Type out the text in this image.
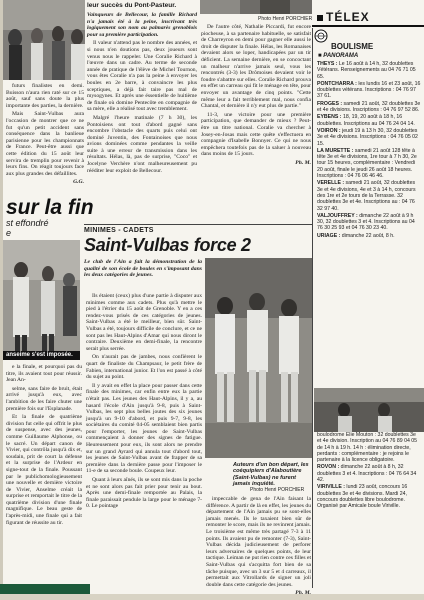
futurs finalistes en demi. Buisson n'aura rien raté sur ce 15 août, sauf sans doute la plus importante des parties, la dernière.

Mais Saint-Vulbas aura l'occasion de montrer que ce ne fut qu'un petit accident sans conséquence dans la banlieue parisienne pour les championnats de France. Peut-être aussi que cette édition du 15 août leur servira de tremplin pour revenir à leurs fins. On réagit toujours face aux plus grandes des défaillites.

G.G.
sur la fin
st effondré
e
anseime s'est imposée.

e la finale, et pourquoi pas du titre, ils avaient tout pour réussir. Jean An-

selme, sans faire de bruit, était arrivé jusqu'à eux, avec l'ambition de les faire chuter une première fois sur l'Esplanade.

Et la finale de quatrième division fut celle qui offrit le plus de suspense, avec des jeunes, comme Guillaume Alphonse, ou le sacré. Un départ canon de Vivier, qui contrôla jusqu'à dix et, soudain, prit de court la défense et la surprise de l'Ardeur en signe-tout de la finale. Poussant par le publichomologieusement une nouvelle et dernière victoire de Vivier, Anselme créait la surprise et remportait le titre de la quatrième division d'une finale magnifique. Le beau geste de l'après-midi, une finale qui a fait figurant de réussite au tir.

leur succès du Pont-Pasteur.

Vainqueurs de Bellecour, la famille Richard n'a jamais été à la peine, inscrivant très logiquement son nom au palmarès grenoblois pour sa première participation.

Il valeur n'attend pas le nombre des années, et si nous n'en doutions pas, deux joueurs sont venus nous le rappeler. Une Coralie Richard à l'œuvre dans un cadre. Au terme de seconde année de pratique de l'élève de Michel Tournon, vous êtes Coralie n'a pas la peine à envoyer les boules en 2e barre, à convaincre les plus sceptiques, a déjà fait taire pas mal de mysogynes. Et après une éssentielle de huitième de finale où domine Pentecôte en compagnie de sa mère, elle a réalisé tout avec tremblement.

Malgré l'heure matinale (7 h 30), les Pontoisiens ont tout d'abord gagné sans encombre l'obstacle des quarts puis celui ont dominé Juventin, des Fontainoises que nous avions dominées comme pendantes la veille suite à une erreur de transmission dans les résultats. Hélas, là, pas de surprise, "Coco" et Jocelyne Verchère n'ont malheureusement pu rééditer leur exploit de Bellecour.

Photo Henri PORCHIER

De l'autre côté, Nathalie Piccardi, fut encore piocheuse, à sa partenaire habituelle, se satisfait de Charreyron en demi pour gagner elle aussi le droit de disputer la finale. Hélas, les Romanaises devaient alors se loper, handicapées par un tir déficient. La semaine dernière, en se concoctant un malheur n'arrive jamais seul, vous les rencontrés (3-3) les Drômoises devaient voir le foudre s'abattre sur elles. Coralie Richard prouva en effet un carreau qui fit le ménage en tête, pour envoyer un avantage de cinq points. "Cette même leur a fait terriblement mal, nous confia Chantal, et dernière il n'y eut plus de partie."

11-3, une victoire pour une première participation, que demander de mieux ? Peut-être un titre national. Coralie va chercher à Josey-en-Josas mais cette quête s'effectuera en compagnie d'Isabelle Bonnyer. Ce qui ne nous empêchera toutefois pas de la saluer à nouveau dans moins de 15 jours.

Ph. M.
MINIMES - CADETS
Saint-Vulbas force 2
Le club de l'Ain a fait la démonstration de la qualité de son école de boules en s'imposant dans les deux catégories de jeunes.

Ils étaient (ceux) plus d'une partie à disputer aux minimes comme aux cadets. Plus qu'à mettre le pied à l'étrier du 15 août de Grenoble. Y en a ces rendez-vous prisés de ces catégories de jeunes. Saint-Vulbas a été le meilleur, bien sûr. Saint-Vulbas a été, toujours difficile de conclure, et ce ne sont pas les Haut-Alpins d'Amar qui nous diront le contraire. Deuxième en demi-finale, la rencontre serait plus serrée.

On n'aurait pas de jambes, nous confièrent le quart de finaliste du Champsaur, le petit frère de Fabien, international junior. Et l'on est passé à côté du sujet au point.

Il y avait en effet la place pour passer dans cette finale des minimes, car enfin entre eux la partie n'était pas. Les jeunes des Haut-Alpins, il y a, au hasard l'école d'Ain jusqu'à 9-8, puis à Saint-Vulbas, les sept plus belles joutes des six jeunes jusqu'à un 9-10 d'abord, et puis 9-7, 9-8, les sociétaires du comité 04-05 semblaient bien partis pour l'emporter, les jeunes de Saint-Vulbas commençaient à donner des signes de fatigue. Heureusement pour eux, ils sont alors ne prendre sur un grand Ayrard qui annula tout d'abord tout, les jeunes de Saint-Vulbas avant de frapper de sa première dans la dernière passe pour l'imposer le 11-e de sa seconde boule. Coupeux leur.

Quant à leurs aînés, ils se sont mis dans la poche et ne sont alors pas fait prier pour tenir au bout. Après une demi-finale remportée au Palais, la finale paraissait pendule la large pour le ménage 7-0. Le pointage

Auteurs d'un bon départ, les coéquipiers d'Alaboutière (Saint-Vulbas) ne furent jamais inquiété.
Photo Henri PORCHIER

impeccable de gena de l'Ain faisant la différence. A partir de là en effet, les jeunes du département de l'Ain jamais pu se sont-elles jamais menés. Ils le taxaient bien sûr de remonter le score, mais ils ne revinrent jamais. Le troisième est même très partagé 7-3 à 11 points. Ils avaient pu de remonter (7-3), Saint-Vulbas décida judicieusement de perforer leurs adversaires de quelques points, de leur tactique. Leiman ne put rien contre ces filles et Saint-Vulbas qui s'acquitta fort bien de sa tâche puisque, avec un 3 sur 5 et 4 carreaux, il permettait aux Vitrollards de signer un joli double dans cette catégorie des jeunes.

TÉLEX
BOULISME
■ PANORAMA

THEYS : Le 16 août à 14 h, 32 doublettes Vétérans. Renseignements au 04 76 71 05 65.

PONTCHARRA : les lundis 16 et 23 août, 16 doublettes vétérans. Inscriptions : 04 76 97 37 61.

FROGES : samedi 21 août, 32 doublettes 3e et 4e divisions. Inscriptions : 04 76 97 52 86.

EYBENS : 18, 19, 20 août à 18 h, 16 doublettes. Inscriptions au 04 76 24 04 14.

VOIRON : jeudi 19 à 13 h 30, 32 doublettes 3e et 4e divisions. Inscriptions : 04 76 05 02 15.

LA MURETTE : samedi 21 août 128 tête à tête 3e et 4e divisions, 1re tour à 7 h 30, 2e tour 15 heures, complémentaire : Vendredi 20 août, finale le jeudi 26 août 18 heures. Inscriptions : 04 76 06 46 46.

VERELLE : samedi 21 août, 32 doublettes 3e et 4e divisions, 4e et 3 à 14 h, concours des 1re et 2e tours de la Terrasse. 32 doublettes 3e et 4e. Inscriptions au : 04 76 32 97 40.

VALJOUFFREY : dimanche 22 août à 9 h 30, 32 doublettes 3 et 4. Inscriptions au 04 76 30 25 93 et 04 76 30 23 40.

URIAGE : dimanche 22 août, 8 h.

boulodrome Elie Mouton : 32 doublettes 3e et 4e division. Inscription au 04 76 89 04 05 de 14 h à 19 h. 14 h : élimination directe, perdants : complémentaire : je rejoins le partenaire à la licence obligatoire.

ROVON : dimanche 22 août à 8 h, 32 doublettes 3 et 4. Inscriptions : 04 76 64 34 42.

VIRIVILLE : lundi 23 août, concours 16 doublettes 3e et 4e divisions. Mardi 24, concours doublettes libre boulodrome. Organisé par Amicale boule Viriville.
